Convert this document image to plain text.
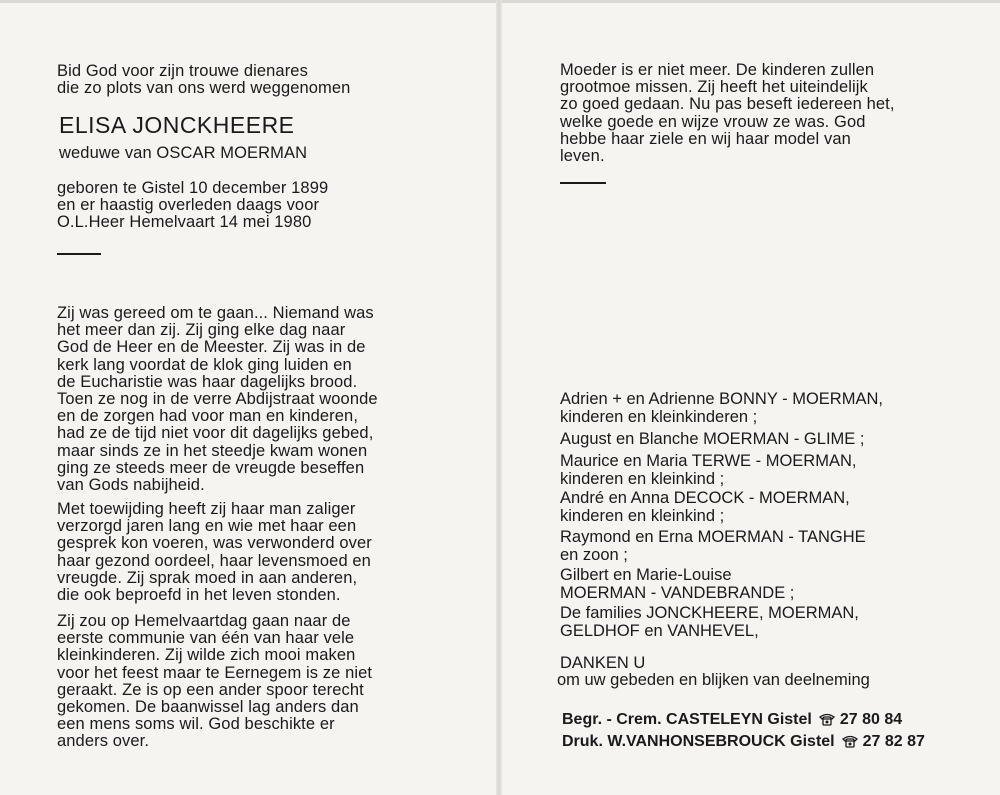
Bid God voor zijn trouwe dienares
die zo plots van ons werd weggenomen

ELISA JONCKHEERE

weduwe van OSCAR MOERMAN

geboren te Gistel 10 december 1899
en er haastig overleden daags voor
O.L.Heer Hemelvaart 14 mei 1980

Zij was gereed om te gaan... Niemand was
het meer dan zij. Zij ging elke dag naar
God de Heer en de Meester. Zij was in de
kerk lang voordat de klok ging luiden en
de Eucharistie was haar dagelijks brood.
Toen ze nog in de verre Abdijstraat woonde
en de zorgen had voor man en kinderen,
had ze de tijd niet voor dit dagelijks gebed,
maar sinds ze in het steedje kwam wonen
ging ze steeds meer de vreugde beseffen
van Gods nabijheid.

Met toewijding heeft zij haar man zaliger
verzorgd jaren lang en wie met haar een
gesprek kon voeren, was verwonderd over
haar gezond oordeel, haar levensmoed en
vreugde. Zij sprak moed in aan anderen,
die ook beproefd in het leven stonden.

Zij zou op Hemelvaartdag gaan naar de
eerste communie van één van haar vele
kleinkinderen. Zij wilde zich mooi maken
voor het feest maar te Eernegem is ze niet
geraakt. Ze is op een ander spoor terecht
gekomen. De baanwissel lag anders dan
een mens soms wil. God beschikte er
anders over.

Moeder is er niet meer. De kinderen zullen
grootmoe missen. Zij heeft het uiteindelijk
zo goed gedaan. Nu pas beseft iedereen het,
welke goede en wijze vrouw ze was. God
hebbe haar ziele en wij haar model van
leven.

Adrien + en Adrienne BONNY - MOERMAN,
kinderen en kleinkinderen ;

August en Blanche MOERMAN - GLIME ;

Maurice en Maria TERWE - MOERMAN,
kinderen en kleinkind ;

André en Anna DECOCK - MOERMAN,
kinderen en kleinkind ;

Raymond en Erna MOERMAN - TANGHE
en zoon ;

Gilbert en Marie-Louise
MOERMAN - VANDEBRANDE ;

De families JONCKHEERE, MOERMAN,
GELDHOF en VANHEVEL,

DANKEN U

om uw gebeden en blijken van deelneming

Begr. - Crem. CASTELEYN Gistel 27 80 84
Druk. W.VANHONSEBROUCK Gistel 27 82 87
